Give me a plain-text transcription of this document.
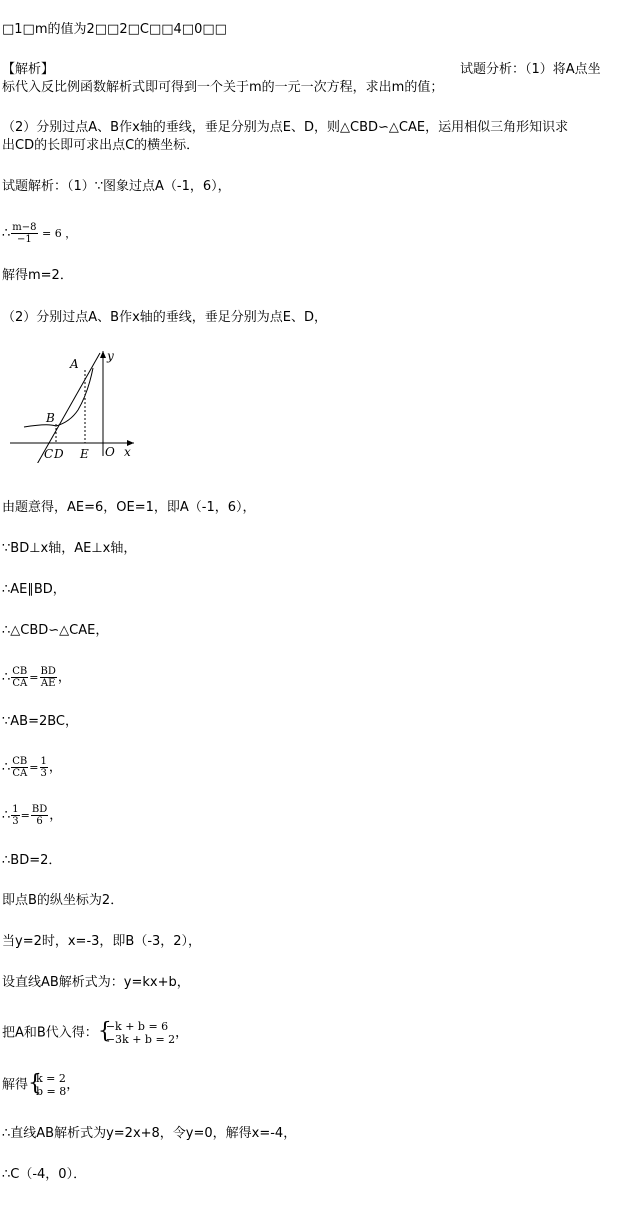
□1□m的值为2□□2□C□□4□0□□
【解析】	试题分析：（1）将A点坐
标代入反比例函数解析式即可得到一个关于m的一元一次方程，求出m的值；
（2）分别过点A、B作x轴的垂线，垂足分别为点E、D，则△CBD∽△CAE，运用相似三角形知识求
出CD的长即可求出点C的横坐标．
试题解析：（1）∵图象过点A（-1，6），
∴ $\frac{m-8}{-1} = 6$ ，
解得m=2．
（2）分别过点A、B作x轴的垂线，垂足分别为点E、D，
A
B
C D E O x
y
由题意得，AE=6，OE=1，即A（-1，6），
∵BD⊥x轴，AE⊥x轴，
∴AE∥BD，
∴△CBD∽△CAE，
∴ $\frac{CB}{CA} = \frac{BD}{AE}$ ，
∵AB=2BC，
∴ $\frac{CB}{CA} = \frac{1}{3}$ ，
∴ $\frac{1}{3} = \frac{BD}{6}$ ，
∴BD=2．
即点B的纵坐标为2．
当y=2时，x=-3，即B（-3，2），
设直线AB解析式为：y=kx+b，
把A和B代入得： {
−k + b = 6
−3k + b = 2 ，
解得 {
k = 2
b = 8 ，
∴直线AB解析式为y=2x+8，令y=0，解得x=-4，
∴C（-4，0）．
